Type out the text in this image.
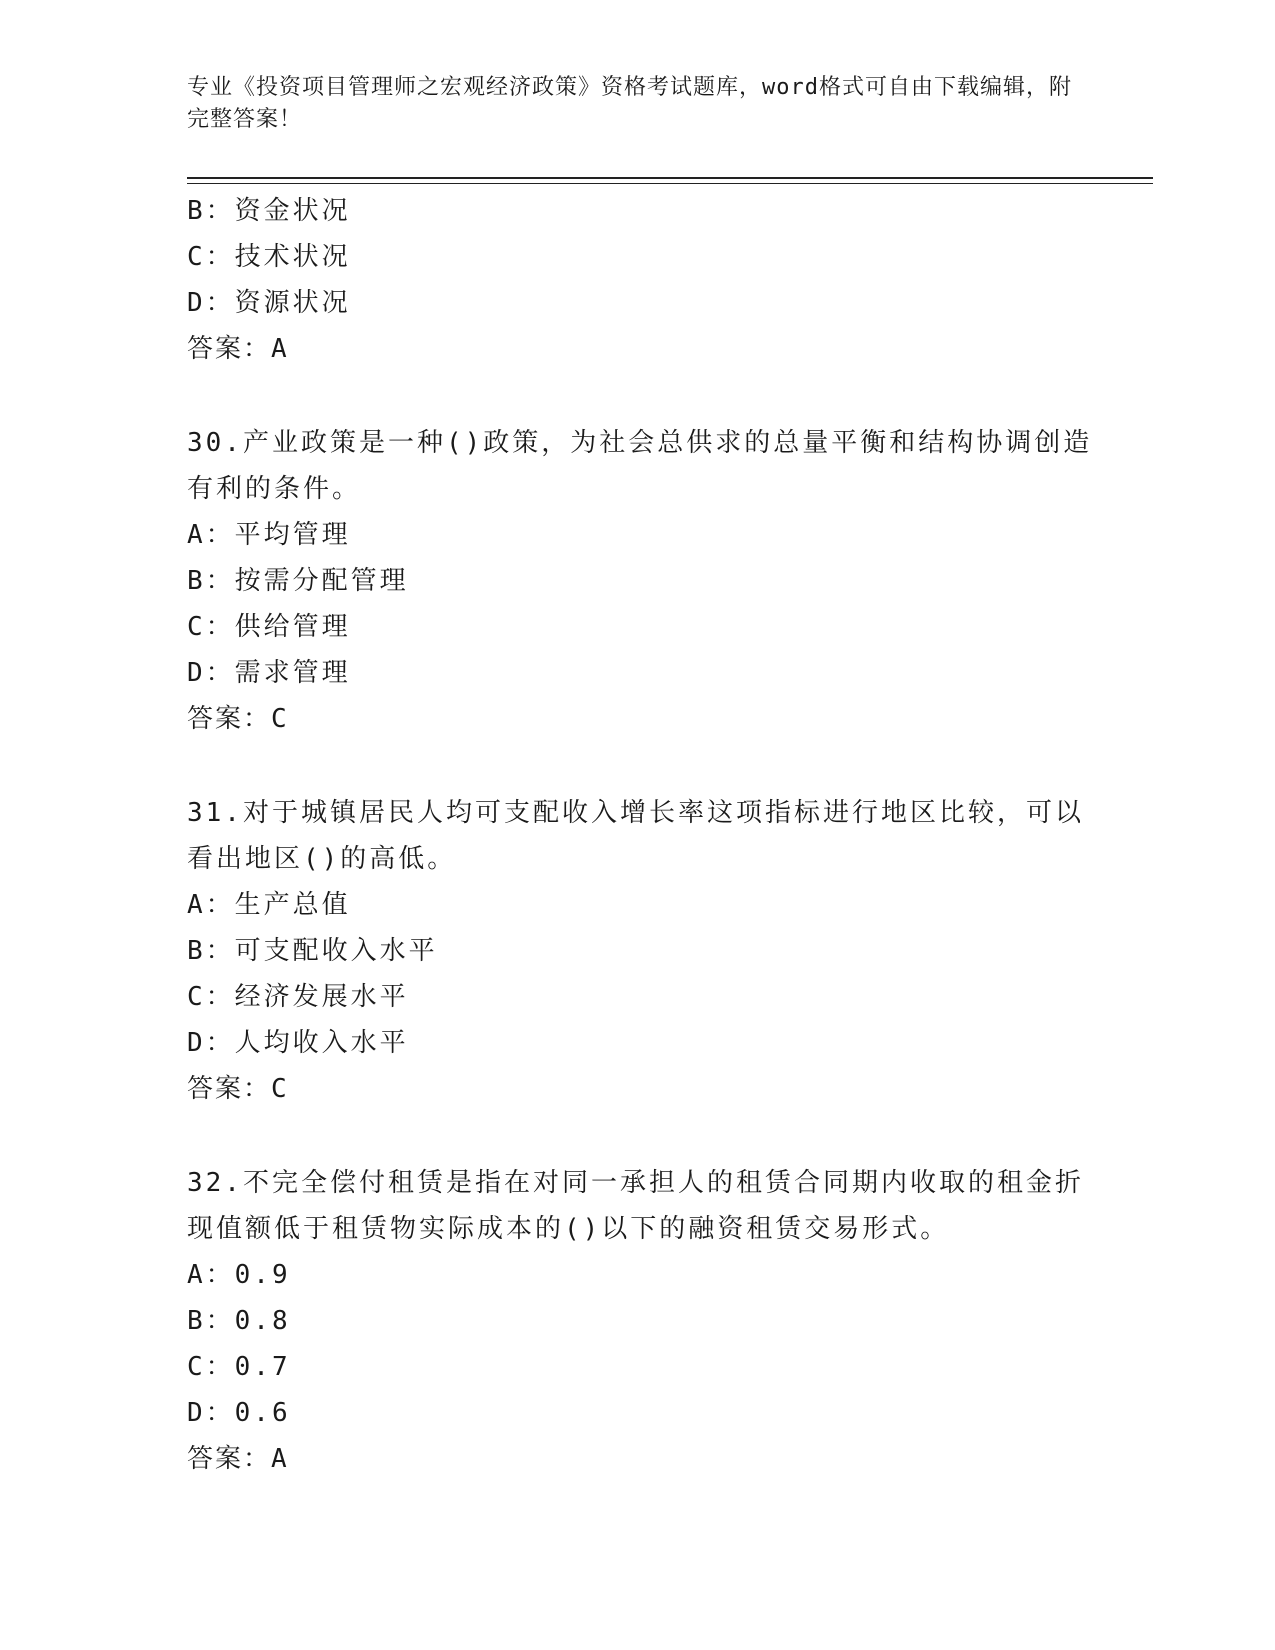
专业《投资项目管理师之宏观经济政策》资格考试题库，word格式可自由下载编辑，附完整答案！
B：资金状况
C：技术状况
D：资源状况
答案：A
30.产业政策是一种()政策，为社会总供求的总量平衡和结构协调创造
有利的条件。
A：平均管理
B：按需分配管理
C：供给管理
D：需求管理
答案：C
31.对于城镇居民人均可支配收入增长率这项指标进行地区比较，可以
看出地区()的高低。
A：生产总值
B：可支配收入水平
C：经济发展水平
D：人均收入水平
答案：C
32.不完全偿付租赁是指在对同一承担人的租赁合同期内收取的租金折
现值额低于租赁物实际成本的()以下的融资租赁交易形式。
A：0.9
B：0.8
C：0.7
D：0.6
答案：A
